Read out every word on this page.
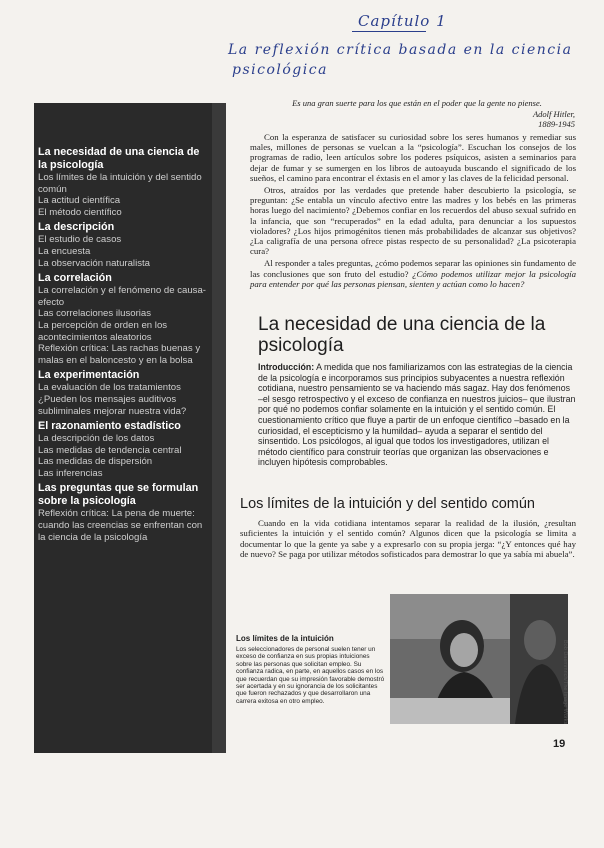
Capítulo 1
La reflexión crítica basada en la ciencia
psicológica
La necesidad de una ciencia de la psicología
Los límites de la intuición y del sentido común
La actitud científica
El método científico
La descripción
El estudio de casos
La encuesta
La observación naturalista
La correlación
La correlación y el fenómeno de causa-efecto
Las correlaciones ilusorias
La percepción de orden en los acontecimientos aleatorios
Reflexión crítica: Las rachas buenas y malas en el baloncesto y en la bolsa
La experimentación
La evaluación de los tratamientos
¿Pueden los mensajes auditivos subliminales mejorar nuestra vida?
El razonamiento estadístico
La descripción de los datos
Las medidas de tendencia central
Las medidas de dispersión
Las inferencias
Las preguntas que se formulan sobre la psicología
Reflexión crítica: La pena de muerte: cuando las creencias se enfrentan con la ciencia de la psicología
Es una gran suerte para los que están en el poder que la gente no piense.
Adolf Hitler,
1889-1945

Con la esperanza de satisfacer su curiosidad sobre los seres humanos y remediar sus males, millones de personas se vuelcan a la “psicología”. Escuchan los consejos de los programas de radio, leen artículos sobre los poderes psíquicos, asisten a seminarios para dejar de fumar y se sumergen en los libros de autoayuda buscando el significado de los sueños, el camino para encontrar el éxtasis en el amor y las claves de la felicidad personal.

Otros, atraídos por las verdades que pretende haber descubierto la psicología, se preguntan: ¿Se entabla un vínculo afectivo entre las madres y los bebés en las primeras horas luego del nacimiento? ¿Debemos confiar en los recuerdos del abuso sexual sufrido en la infancia, que son “recuperados” en la edad adulta, para denunciar a los supuestos violadores? ¿Los hijos primogénitos tienen más probabilidades de alcanzar sus objetivos? ¿La caligrafía de una persona ofrece pistas respecto de su personalidad? ¿La psicoterapia cura?

Al responder a tales preguntas, ¿cómo podemos separar las opiniones sin fundamento de las conclusiones que son fruto del estudio? ¿Cómo podemos utilizar mejor la psicología para entender por qué las personas piensan, sienten y actúan como lo hacen?

La necesidad de una ciencia de la psicología
Introducción: A medida que nos familiarizamos con las estrategias de la ciencia de la psicología e incorporamos sus principios subyacentes a nuestra reflexión cotidiana, nuestro pensamiento se va haciendo más sagaz. Hay dos fenómenos –el sesgo retrospectivo y el exceso de confianza en nuestros juicios– que ilustran por qué no podemos confiar solamente en la intuición y el sentido común. El cuestionamiento crítico que fluye a partir de un enfoque científico –basado en la curiosidad, el escepticismo y la humildad– ayuda a separar el sentido del sinsentido. Los psicólogos, al igual que todos los investigadores, utilizan el método científico para construir teorías que organizan las observaciones e incluyen hipótesis comprobables.
Los límites de la intuición y del sentido común
Cuando en la vida cotidiana intentamos separar la realidad de la ilusión, ¿resultan suficientes la intuición y el sentido común? Algunos dicen que la psicología se limita a documentar lo que la gente ya sabe y a expresarlo con su propia jerga: “¿Y entonces qué hay de nuevo? Se paga por utilizar métodos sofisticados para demostrar lo que ya sabía mi abuela”.
Los límites de la intuición
Los seleccionadores de personal suelen tener un exceso de confianza en sus propias intuiciones sobre las personas que solicitan empleo. Su confianza radica, en parte, en aquellos casos en los que recuerdan que su impresión favorable demostró ser acertada y en su ignorancia de los solicitantes que fueron rechazados y que desarrollaron una carrera exitosa en otro empleo.	Bob Daemmrich/The Image Works
19
